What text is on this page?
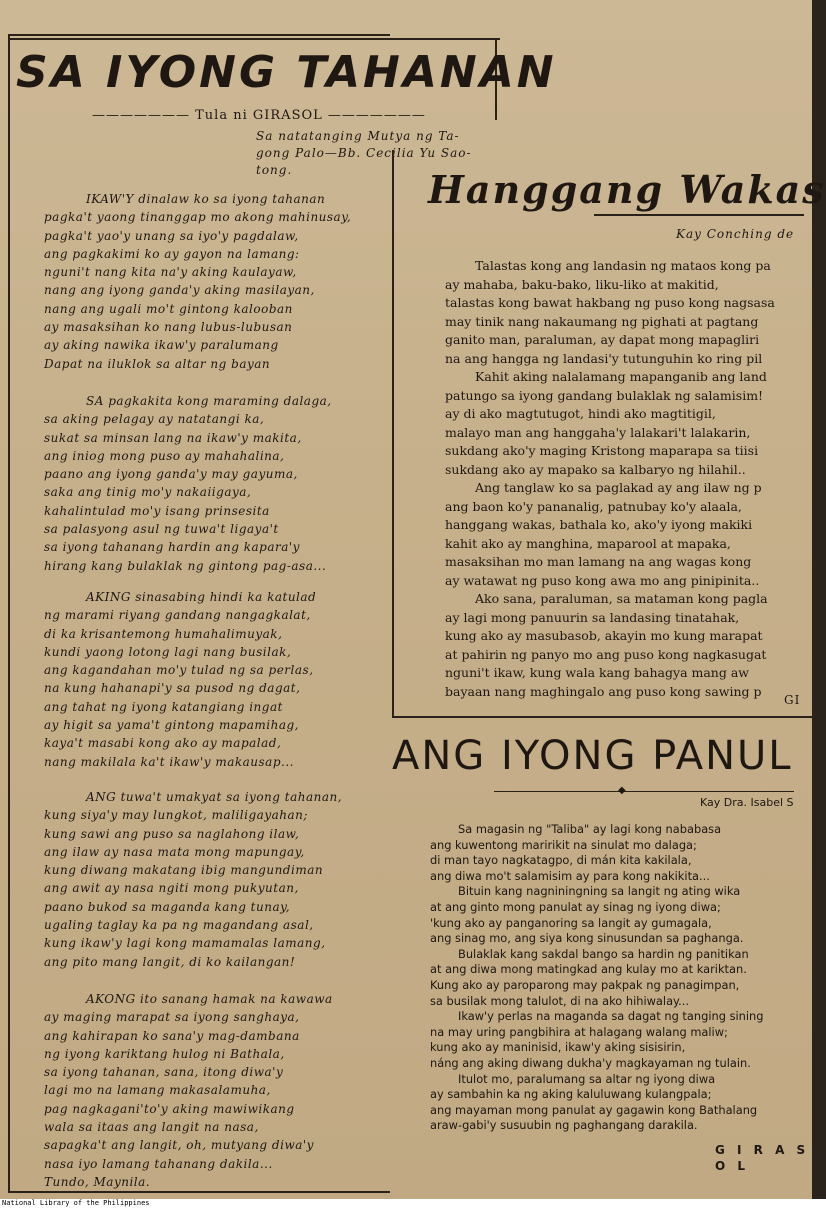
SA IYONG TAHANAN
——————— Tula ni GIRASOL ———————
Sa natatanging Mutya ng Ta-
gong Palo—Bb. Cecilia Yu Sao-
tong.
IKAW'Y dinalaw ko sa iyong tahanan
pagka't yaong tinanggap mo akong mahinusay,
pagka't yao'y unang sa iyo'y pagdalaw,
ang pagkakimi ko ay gayon na lamang:
nguni't nang kita na'y aking kaulayaw,
nang ang iyong ganda'y aking masilayan,
nang ang ugali mo't gintong kalooban
ay masaksihan ko nang lubus-lubusan
ay aking nawika ikaw'y paralumang
Dapat na iluklok sa altar ng bayan
SA pagkakita kong maraming dalaga,
sa aking pelagay ay natatangi ka,
sukat sa minsan lang na ikaw'y makita,
ang iniog mong puso ay mahahalina,
paano ang iyong ganda'y may gayuma,
saka ang tinig mo'y nakaiigaya,
kahalintulad mo'y isang prinsesita
sa palasyong asul ng tuwa't ligaya't
sa iyong tahanang hardin ang kapara'y
hirang kang bulaklak ng gintong pag-asa...
AKING sinasabing hindi ka katulad
ng marami riyang gandang nangagkalat,
di ka krisantemong humahalimuyak,
kundi yaong lotong lagi nang busilak,
ang kagandahan mo'y tulad ng sa perlas,
na kung hahanapi'y sa pusod ng dagat,
ang tahat ng iyong katangiang ingat
ay higit sa yama't gintong mapamihag,
kaya't masabi kong ako ay mapalad,
nang makilala ka't ikaw'y makausap...
ANG tuwa't umakyat sa iyong tahanan,
kung siya'y may lungkot, maliligayahan;
kung sawi ang puso sa naglahong ilaw,
ang ilaw ay nasa mata mong mapungay,
kung diwang makatang ibig mangundiman
ang awit ay nasa ngiti mong pukyutan,
paano bukod sa maganda kang tunay,
ugaling taglay ka pa ng magandang asal,
kung ikaw'y lagi kong mamamalas lamang,
ang pito mang langit, di ko kailangan!
AKONG ito sanang hamak na kawawa
ay maging marapat sa iyong sanghaya,
ang kahirapan ko sana'y mag-dambana
ng iyong kariktang hulog ni Bathala,
sa iyong tahanan, sana, itong diwa'y
lagi mo na lamang makasalamuha,
pag nagkagani'to'y aking mawiwikang
wala sa itaas ang langit na nasa,
sapagka't ang langit, oh, mutyang diwa'y
nasa iyo lamang tahanang dakila...
Tundo, Maynila.
Hanggang Wakas
Kay Conching de
Talastas kong ang landasin ng mataos kong pa
ay mahaba, baku-bako, liku-liko at makitid,
talastas kong bawat hakbang ng puso kong nagsasa
may tinik nang nakaumang ng pighati at pagtang
ganito man, paraluman, ay dapat mong mapagliri
na ang hangga ng landasi'y tutunguhin ko ring pil
Kahit aking nalalamang mapanganib ang land
patungo sa iyong gandang bulaklak ng salamisim!
ay di ako magtutugot, hindi ako magtitigil,
malayo man ang hanggaha'y lalakari't lalakarin,
sukdang ako'y maging Kristong maparapa sa tiisi
sukdang ako ay mapako sa kalbaryo ng hilahil..
Ang tanglaw ko sa paglakad ay ang ilaw ng p
ang baon ko'y pananalig, patnubay ko'y alaala,
hanggang wakas, bathala ko, ako'y iyong makiki
kahit ako ay manghina, maparool at mapaka,
masaksihan mo man lamang na ang wagas kong
ay watawat ng puso kong awa mo ang pinipinita..
Ako sana, paraluman, sa mataman kong pagla
ay lagi mong panuurin sa landasing tinatahak,
kung ako ay masubasob, akayin mo kung marapat
at pahirin ng panyo mo ang puso kong nagkasugat
nguni't ikaw, kung wala kang bahagya mang aw
bayaan nang maghingalo ang puso kong sawing p
GI
ANG IYONG PANUL
◆
Kay Dra. Isabel S
Sa magasin ng "Taliba" ay lagi kong nababasa
ang kuwentong maririkit na sinulat mo dalaga;
di man tayo nagkatagpo, di mán kita kakilala,
ang diwa mo't salamisim ay para kong nakikita...
Bituin kang nagniningning sa langit ng ating wika
at ang ginto mong panulat ay sinag ng iyong diwa;
'kung ako ay panganoring sa langit ay gumagala,
ang sinag mo, ang siya kong sinusundan sa paghanga.
Bulaklak kang sakdal bango sa hardin ng panitikan
at ang diwa mong matingkad ang kulay mo at kariktan.
Kung ako ay paroparong may pakpak ng panagimpan,
sa busilak mong talulot, di na ako hihiwalay...
Ikaw'y perlas na maganda sa dagat ng tanging sining
na may uring pangbihira at halagang walang maliw;
kung ako ay maninisid, ikaw'y aking sisisirin,
náng ang aking diwang dukha'y magkayaman ng tulain.
Itulot mo, paralumang sa altar ng iyong diwa
ay sambahin ka ng aking kaluluwang kulangpala;
ang mayaman mong panulat ay gagawin kong Bathalang
araw-gabi'y susuubin ng paghangang darakila.
G I R A S O L
National Library of the Philippines
